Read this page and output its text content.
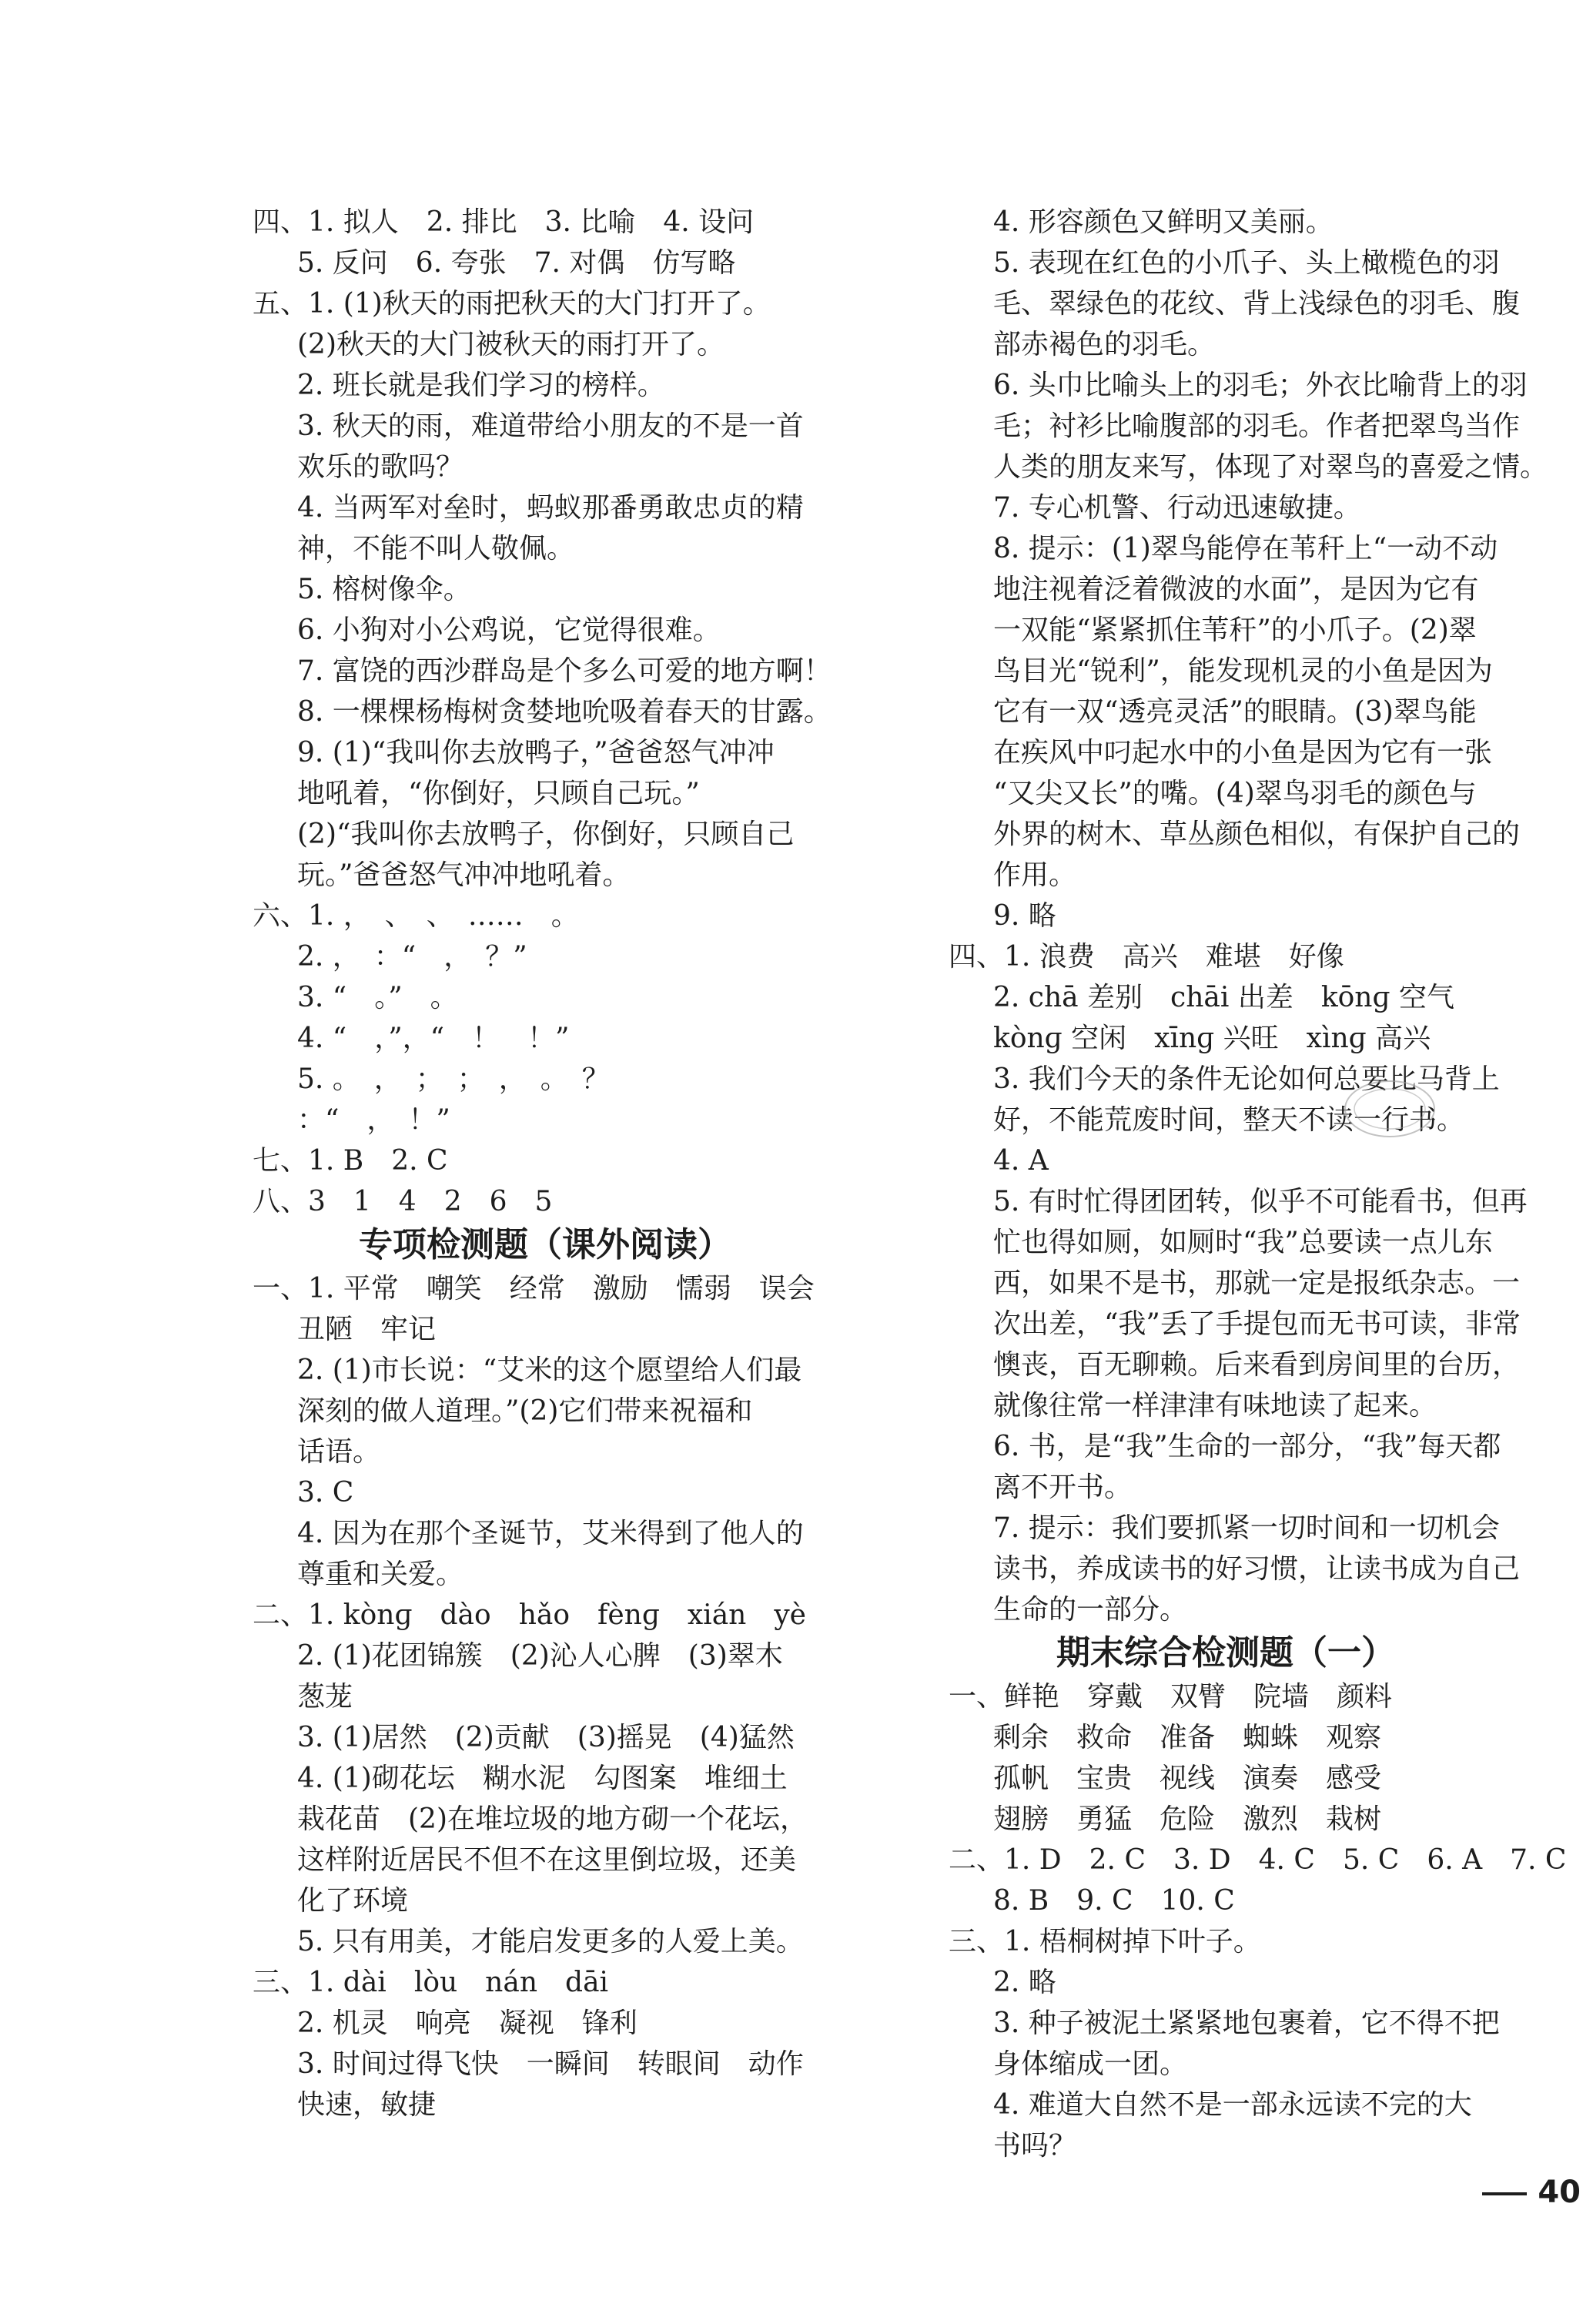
四、1. 拟人　2. 排比　3. 比喻　4. 设问
5. 反问　6. 夸张　7. 对偶　仿写略
五、1. (1)秋天的雨把秋天的大门打开了。
(2)秋天的大门被秋天的雨打开了。
2. 班长就是我们学习的榜样。
3. 秋天的雨，难道带给小朋友的不是一首
欢乐的歌吗？
4. 当两军对垒时，蚂蚁那番勇敢忠贞的精
神，不能不叫人敬佩。
5. 榕树像伞。
6. 小狗对小公鸡说，它觉得很难。
7. 富饶的西沙群岛是个多么可爱的地方啊！
8. 一棵棵杨梅树贪婪地吮吸着春天的甘露。
9. (1)“我叫你去放鸭子，”爸爸怒气冲冲
地吼着，“你倒好，只顾自己玩。”
(2)“我叫你去放鸭子，你倒好，只顾自己
玩。”爸爸怒气冲冲地吼着。
六、1. ，　、　、　……　。
2. ，　：“　，　？”
3. “　。”　。
4. “　，”，“　！　！”
5. 。　，　；　；　，　。　？
：“　，　！”
七、1. B　2. C
八、3　1　4　2　6　5
专项检测题（课外阅读）
一、1. 平常　嘲笑　经常　激励　懦弱　误会
丑陋　牢记
2. (1)市长说：“艾米的这个愿望给人们最
深刻的做人道理。”(2)它们带来祝福和
话语。
3. C
4. 因为在那个圣诞节，艾米得到了他人的
尊重和关爱。
二、1. kònɡ　dào　hǎo　fènɡ　xián　yè
2. (1)花团锦簇　(2)沁人心脾　(3)翠木
葱茏
3. (1)居然　(2)贡献　(3)摇晃　(4)猛然
4. (1)砌花坛　糊水泥　勾图案　堆细土
栽花苗　(2)在堆垃圾的地方砌一个花坛，
这样附近居民不但不在这里倒垃圾，还美
化了环境
5. 只有用美，才能启发更多的人爱上美。
三、1. dài　lòu　nán　dāi
2. 机灵　响亮　凝视　锋利
3. 时间过得飞快　一瞬间　转眼间　动作
快速，敏捷
4. 形容颜色又鲜明又美丽。
5. 表现在红色的小爪子、头上橄榄色的羽
毛、翠绿色的花纹、背上浅绿色的羽毛、腹
部赤褐色的羽毛。
6. 头巾比喻头上的羽毛；外衣比喻背上的羽
毛；衬衫比喻腹部的羽毛。作者把翠鸟当作
人类的朋友来写，体现了对翠鸟的喜爱之情。
7. 专心机警、行动迅速敏捷。
8. 提示：(1)翠鸟能停在苇秆上“一动不动
地注视着泛着微波的水面”，是因为它有
一双能“紧紧抓住苇秆”的小爪子。(2)翠
鸟目光“锐利”，能发现机灵的小鱼是因为
它有一双“透亮灵活”的眼睛。(3)翠鸟能
在疾风中叼起水中的小鱼是因为它有一张
“又尖又长”的嘴。(4)翠鸟羽毛的颜色与
外界的树木、草丛颜色相似，有保护自己的
作用。
9. 略
四、1. 浪费　高兴　难堪　好像
2. chā 差别　chāi 出差　kōnɡ 空气
kònɡ 空闲　xīnɡ 兴旺　xìnɡ 高兴
3. 我们今天的条件无论如何总要比马背上
好，不能荒废时间，整天不读一行书。
4. A
5. 有时忙得团团转，似乎不可能看书，但再
忙也得如厕，如厕时“我”总要读一点儿东
西，如果不是书，那就一定是报纸杂志。一
次出差，“我”丢了手提包而无书可读，非常
懊丧，百无聊赖。后来看到房间里的台历，
就像往常一样津津有味地读了起来。
6. 书，是“我”生命的一部分，“我”每天都
离不开书。
7. 提示：我们要抓紧一切时间和一切机会
读书，养成读书的好习惯，让读书成为自己
生命的一部分。
期末综合检测题（一）
一、鲜艳　穿戴　双臂　院墙　颜料
剩余　救命　准备　蜘蛛　观察
孤帆　宝贵　视线　演奏　感受
翅膀　勇猛　危险　激烈　栽树
二、1. D　2. C　3. D　4. C　5. C　6. A　7. C
8. B　9. C　10. C
三、1. 梧桐树掉下叶子。
2. 略
3. 种子被泥土紧紧地包裹着，它不得不把
身体缩成一团。
4. 难道大自然不是一部永远读不完的大
书吗？

40
